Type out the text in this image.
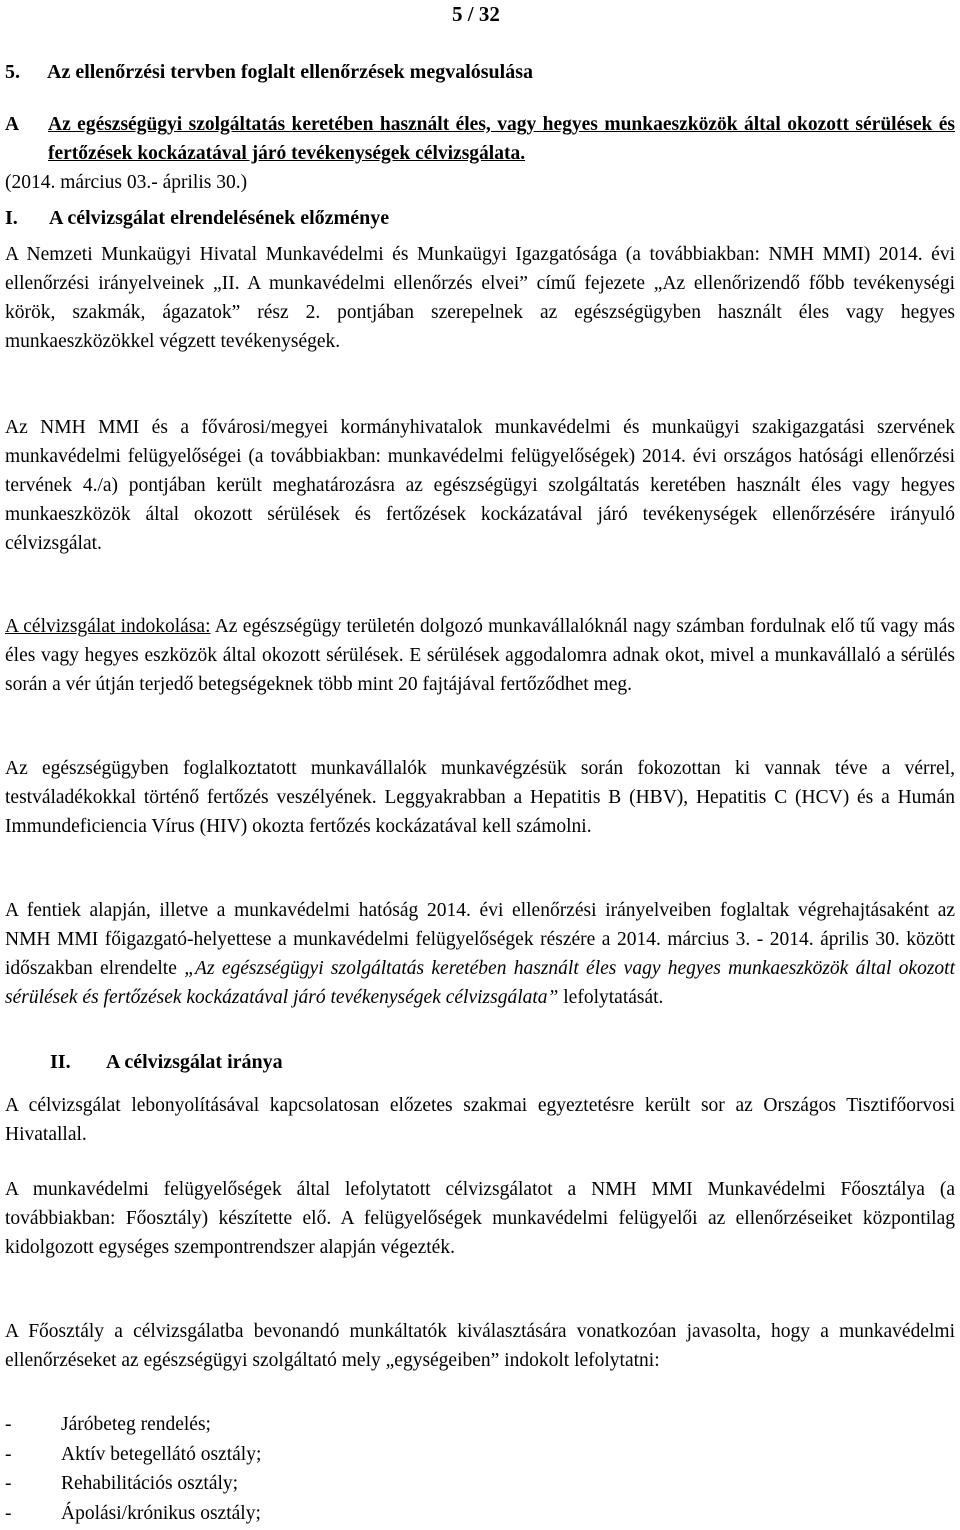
5 / 32
5. Az ellenőrzési tervben foglalt ellenőrzések megvalósulása
A Az egészségügyi szolgáltatás keretében használt éles, vagy hegyes munkaeszközök által okozott sérülések és fertőzések kockázatával járó tevékenységek célvizsgálata.
(2014. március 03.- április 30.)
I. A célvizsgálat elrendelésének előzménye

A Nemzeti Munkaügyi Hivatal Munkavédelmi és Munkaügyi Igazgatósága (a továbbiakban: NMH MMI) 2014. évi ellenőrzési irányelveinek „II. A munkavédelmi ellenőrzés elvei” című fejezete „Az ellenőrizendő főbb tevékenységi körök, szakmák, ágazatok” rész 2. pontjában szerepelnek az egészségügyben használt éles vagy hegyes munkaeszközökkel végzett tevékenységek.

Az NMH MMI és a fővárosi/megyei kormányhivatalok munkavédelmi és munkaügyi szakigazgatási szervének munkavédelmi felügyelőségei (a továbbiakban: munkavédelmi felügyelőségek) 2014. évi országos hatósági ellenőrzési tervének 4./a) pontjában került meghatározásra az egészségügyi szolgáltatás keretében használt éles vagy hegyes munkaeszközök által okozott sérülések és fertőzések kockázatával járó tevékenységek ellenőrzésére irányuló célvizsgálat.

A célvizsgálat indokolása: Az egészségügy területén dolgozó munkavállalóknál nagy számban fordulnak elő tű vagy más éles vagy hegyes eszközök által okozott sérülések. E sérülések aggodalomra adnak okot, mivel a munkavállaló a sérülés során a vér útján terjedő betegségeknek több mint 20 fajtájával fertőződhet meg.

Az egészségügyben foglalkoztatott munkavállalók munkavégzésük során fokozottan ki vannak téve a vérrel, testváladékokkal történő fertőzés veszélyének. Leggyakrabban a Hepatitis B (HBV), Hepatitis C (HCV) és a Humán Immundeficiencia Vírus (HIV) okozta fertőzés kockázatával kell számolni.

A fentiek alapján, illetve a munkavédelmi hatóság 2014. évi ellenőrzési irányelveiben foglaltak végrehajtásaként az NMH MMI főigazgató-helyettese a munkavédelmi felügyelőségek részére a 2014. március 3. - 2014. április 30. között időszakban elrendelte „Az egészségügyi szolgáltatás keretében használt éles vagy hegyes munkaeszközök által okozott sérülések és fertőzések kockázatával járó tevékenységek célvizsgálata” lefolytatását.

II. A célvizsgálat iránya

A célvizsgálat lebonyolításával kapcsolatosan előzetes szakmai egyeztetésre került sor az Országos Tisztifőorvosi Hivatallal.

A munkavédelmi felügyelőségek által lefolytatott célvizsgálatot a NMH MMI Munkavédelmi Főosztálya (a továbbiakban: Főosztály) készítette elő. A felügyelőségek munkavédelmi felügyelői az ellenőrzéseiket központilag kidolgozott egységes szempontrendszer alapján végezték.

A Főosztály a célvizsgálatba bevonandó munkáltatók kiválasztására vonatkozóan javasolta, hogy a munkavédelmi ellenőrzéseket az egészségügyi szolgáltató mely „egységeiben” indokolt lefolytatni:

-	Járóbeteg rendelés;
-	Aktív betegellátó osztály;
-	Rehabilitációs osztály;
-	Ápolási/krónikus osztály;
